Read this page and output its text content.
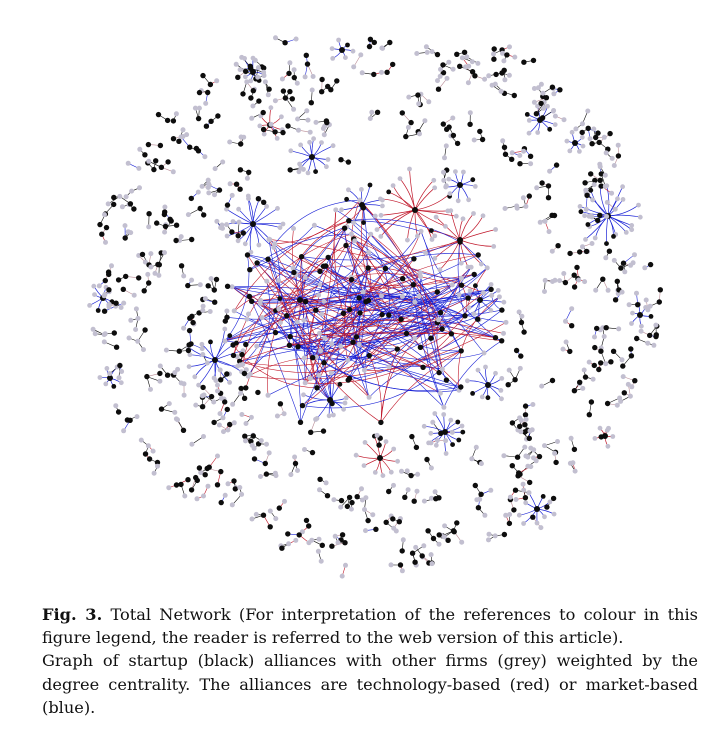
Fig. 3. Total Network (For interpretation of the references to colour in this figure legend, the reader is referred to the web version of this article).

Graph of startup (black) alliances with other firms (grey) weighted by the degree centrality. The alliances are technology-based (red) or market-based (blue).
